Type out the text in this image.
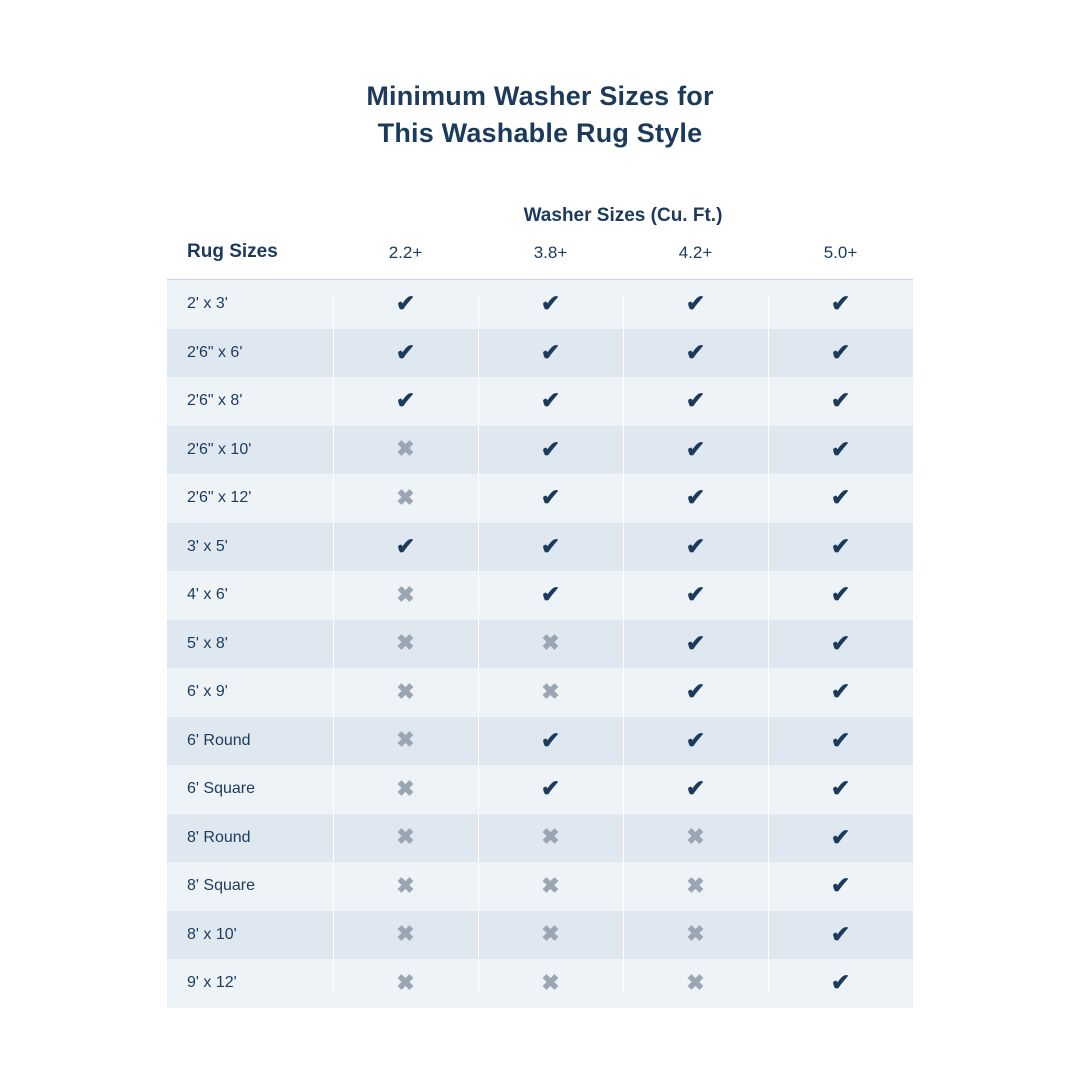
Minimum Washer Sizes for
This Washable Rug Style
Washer Sizes (Cu. Ft.)
Rug Sizes	2.2+	3.8+	4.2+	5.0+
2' x 3'	✔	✔	✔	✔
2'6" x 6'	✔	✔	✔	✔
2'6" x 8'	✔	✔	✔	✔
2'6" x 10'	✖	✔	✔	✔
2'6" x 12'	✖	✔	✔	✔
3' x 5'	✔	✔	✔	✔
4' x 6'	✖	✔	✔	✔
5' x 8'	✖	✖	✔	✔
6' x 9'	✖	✖	✔	✔
6' Round	✖	✔	✔	✔
6' Square	✖	✔	✔	✔
8' Round	✖	✖	✖	✔
8' Square	✖	✖	✖	✔
8' x 10'	✖	✖	✖	✔
9' x 12'	✖	✖	✖	✔
